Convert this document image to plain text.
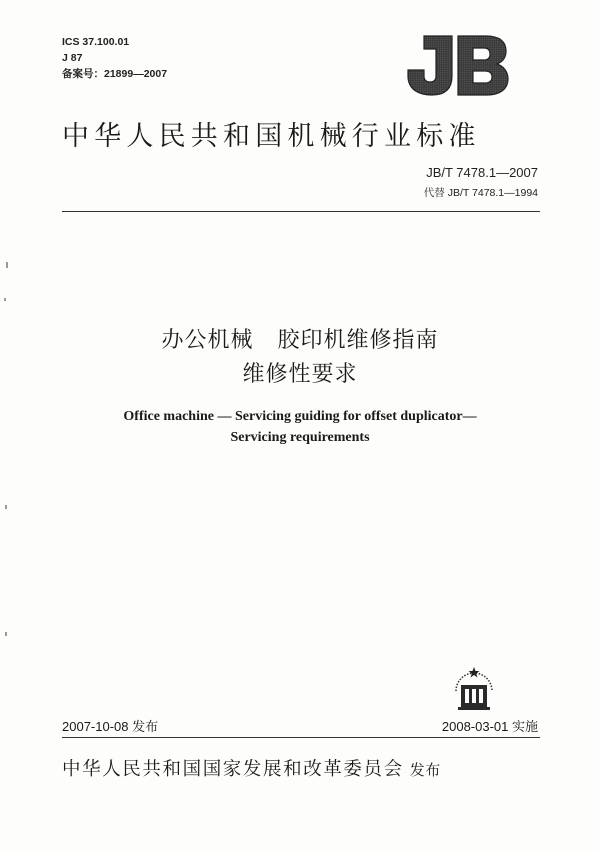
ICS 37.100.01
J 87
备案号：21899—2007
JB
中华人民共和国机械行业标准
JB/T 7478.1—2007
代替 JB/T 7478.1—1994
办公机械   胶印机维修指南
维修性要求
Office machine — Servicing guiding for offset duplicator—
Servicing requirements
2007-10-08 发布	2008-03-01 实施
中华人民共和国国家发展和改革委员会 发布
